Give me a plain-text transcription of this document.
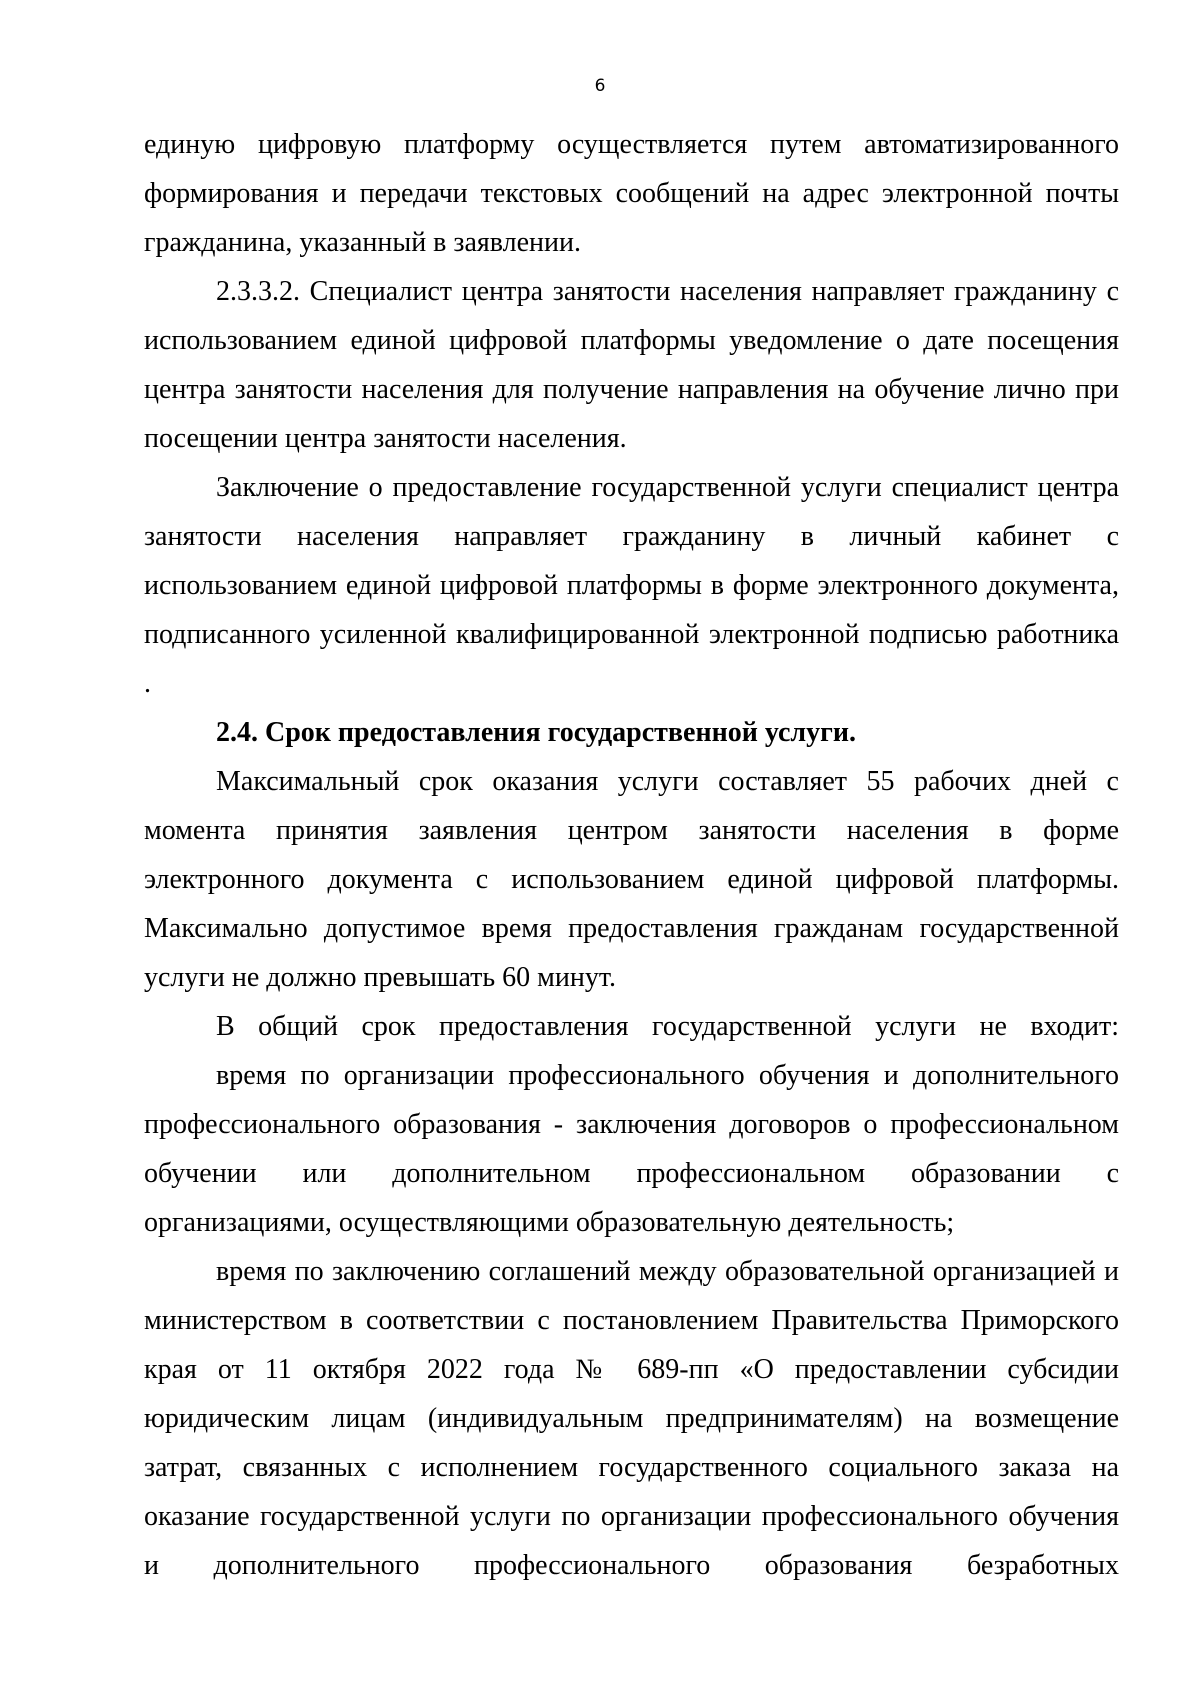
6

единую цифровую платформу осуществляется путем автоматизированного формирования и передачи текстовых сообщений на адрес электронной почты гражданина, указанный в заявлении.

2.3.3.2. Специалист центра занятости населения направляет гражданину с использованием единой цифровой платформы уведомление о дате посещения центра занятости населения для получение направления на обучение лично при посещении центра занятости населения.

Заключение о предоставление государственной услуги специалист центра занятости населения направляет гражданину в личный кабинет с использованием единой цифровой платформы в форме электронного документа, подписанного усиленной квалифицированной электронной подписью работника .

2.4. Срок предоставления государственной услуги.

Максимальный срок оказания услуги составляет 55 рабочих дней с момента принятия заявления центром занятости населения в форме электронного документа с использованием единой цифровой платформы. Максимально допустимое время предоставления гражданам государственной услуги не должно превышать 60 минут.

В общий срок предоставления государственной услуги не входит:

время по организации профессионального обучения и дополнительного профессионального образования - заключения договоров о профессиональном обучении или дополнительном профессиональном образовании с организациями, осуществляющими образовательную деятельность;

время по заключению соглашений между образовательной организацией и министерством в соответствии с постановлением Правительства Приморского края от 11 октября 2022 года № 689-пп «О предоставлении субсидии юридическим лицам (индивидуальным предпринимателям) на возмещение затрат, связанных с исполнением государственного социального заказа на оказание государственной услуги по организации профессионального обучения и дополнительного профессионального образования безработных
